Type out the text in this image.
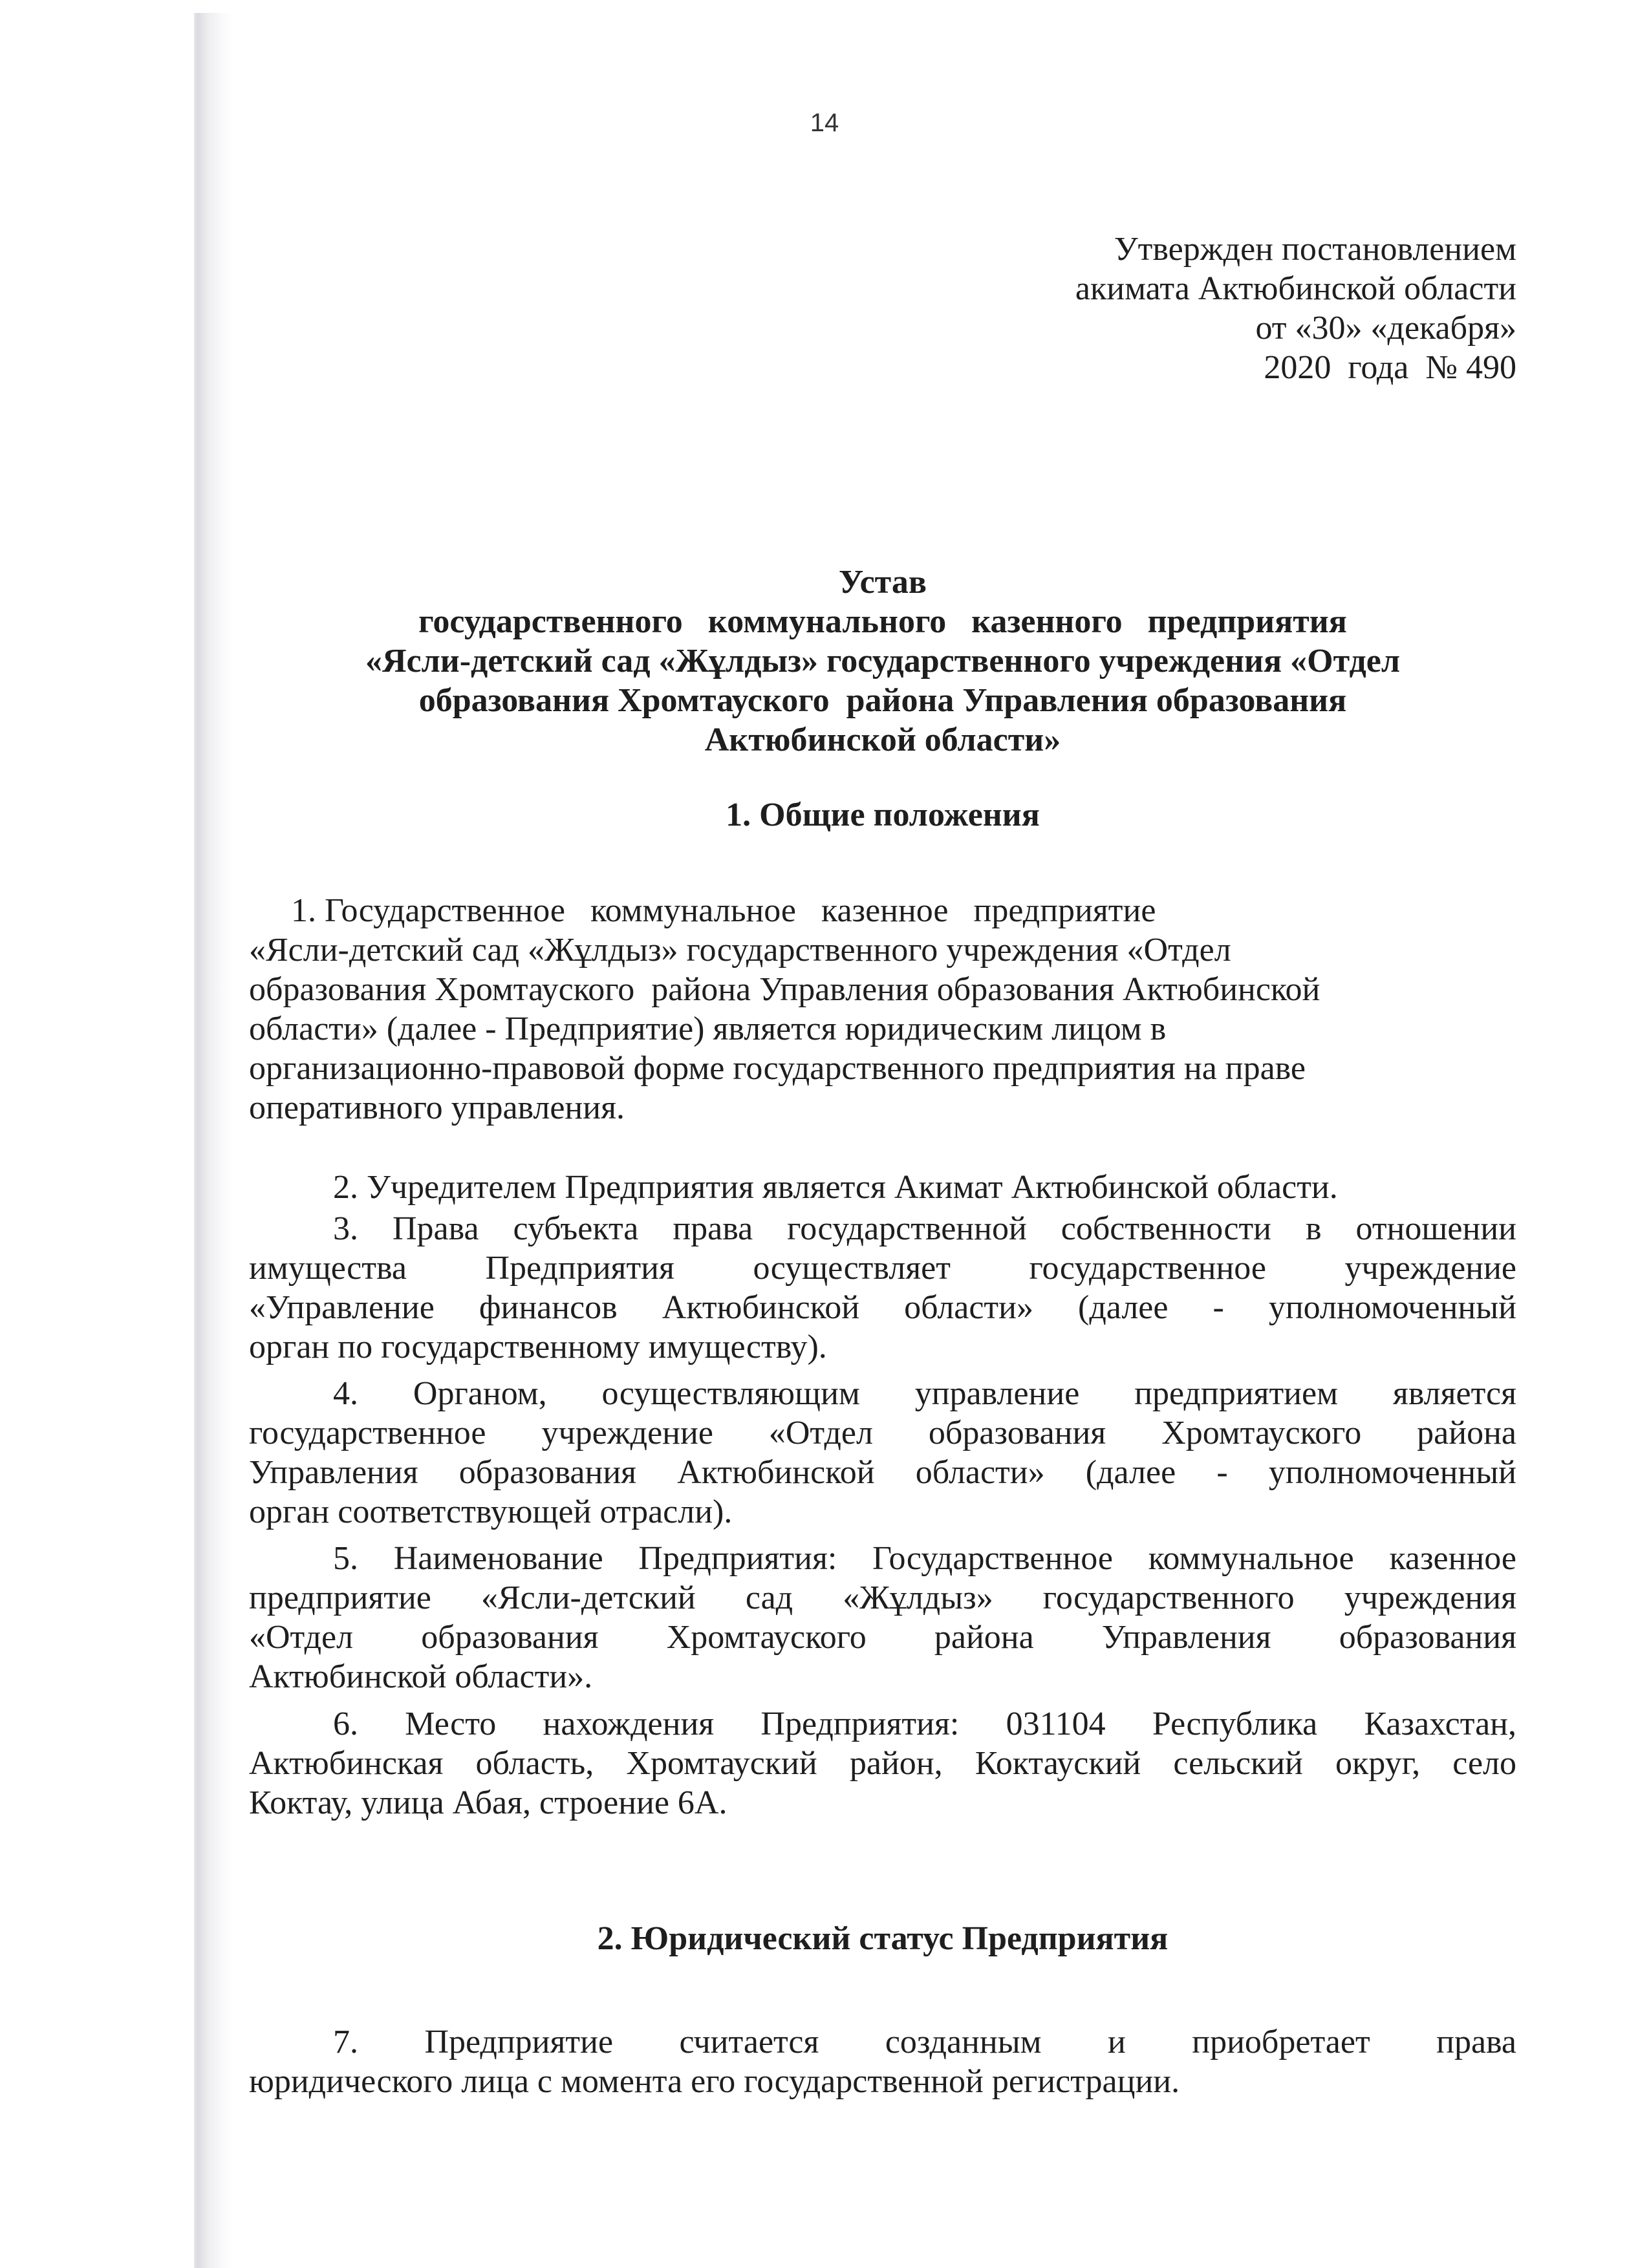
14
Утвержден постановлением
акимата Актюбинской области
от «30» «декабря»
2020  года  № 490
Устав
государственного   коммунального   казенного   предприятия
«Ясли-детский сад «Жұлдыз» государственного учреждения «Отдел
образования Хромтауского  района Управления образования
Актюбинской области»
1. Общие положения
1. Государственное   коммунальное   казенное   предприятие
«Ясли-детский сад «Жұлдыз» государственного учреждения «Отдел
образования Хромтауского  района Управления образования Актюбинской
области» (далее - Предприятие) является юридическим лицом в
организационно-правовой форме государственного предприятия на праве
оперативного управления.
2. Учредителем Предприятия является Акимат Актюбинской области.
3. Права субъекта права государственной собственности в отношении
имущества Предприятия осуществляет государственное учреждение
«Управление финансов Актюбинской области» (далее - уполномоченный
орган по государственному имуществу).
4. Органом, осуществляющим управление предприятием является
государственное учреждение «Отдел образования Хромтауского района
Управления образования Актюбинской области» (далее - уполномоченный
орган соответствующей отрасли).
5. Наименование Предприятия: Государственное коммунальное казенное
предприятие «Ясли-детский сад «Жұлдыз» государственного учреждения
«Отдел образования Хромтауского района Управления образования
Актюбинской области».
6. Место нахождения Предприятия: 031104 Республика Казахстан,
Актюбинская область, Хромтауский район, Коктауский сельский округ, село
Коктау, улица Абая, строение 6А.
2. Юридический статус Предприятия
7. Предприятие считается созданным и приобретает права
юридического лица с момента его государственной регистрации.
